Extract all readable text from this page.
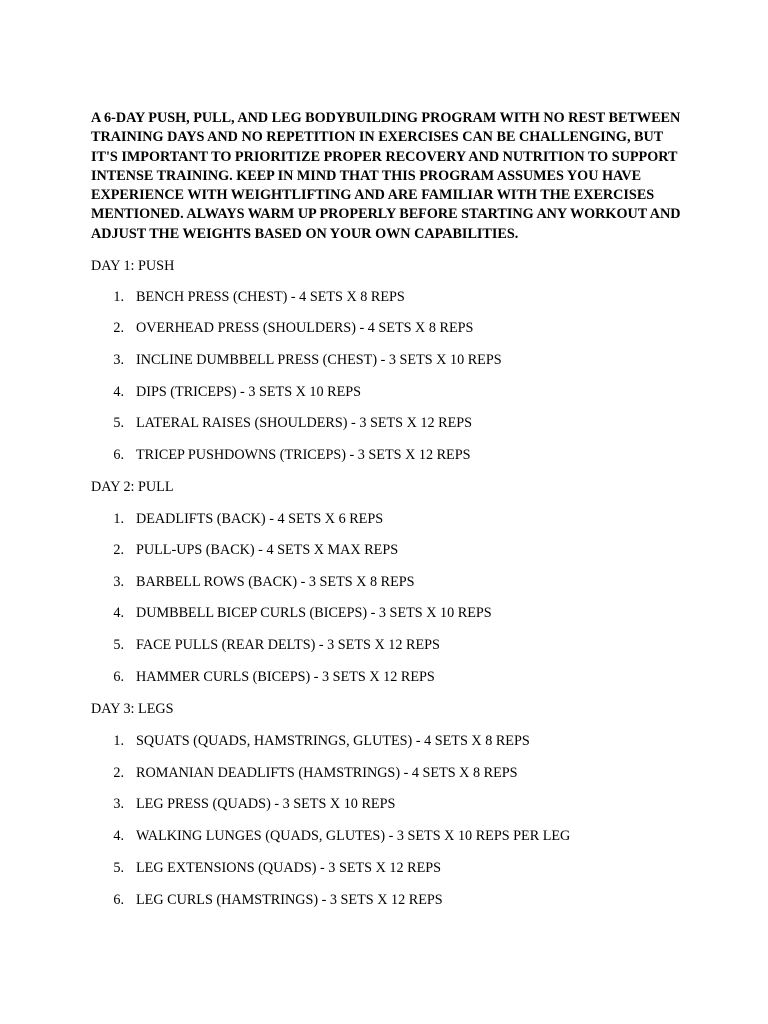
A 6-DAY PUSH, PULL, AND LEG BODYBUILDING PROGRAM WITH NO REST BETWEEN
TRAINING DAYS AND NO REPETITION IN EXERCISES CAN BE CHALLENGING, BUT
IT'S IMPORTANT TO PRIORITIZE PROPER RECOVERY AND NUTRITION TO SUPPORT
INTENSE TRAINING. KEEP IN MIND THAT THIS PROGRAM ASSUMES YOU HAVE
EXPERIENCE WITH WEIGHTLIFTING AND ARE FAMILIAR WITH THE EXERCISES
MENTIONED. ALWAYS WARM UP PROPERLY BEFORE STARTING ANY WORKOUT AND
ADJUST THE WEIGHTS BASED ON YOUR OWN CAPABILITIES.

DAY 1: PUSH

1. BENCH PRESS (CHEST) - 4 SETS X 8 REPS
2. OVERHEAD PRESS (SHOULDERS) - 4 SETS X 8 REPS
3. INCLINE DUMBBELL PRESS (CHEST) - 3 SETS X 10 REPS
4. DIPS (TRICEPS) - 3 SETS X 10 REPS
5. LATERAL RAISES (SHOULDERS) - 3 SETS X 12 REPS
6. TRICEP PUSHDOWNS (TRICEPS) - 3 SETS X 12 REPS

DAY 2: PULL

1. DEADLIFTS (BACK) - 4 SETS X 6 REPS
2. PULL-UPS (BACK) - 4 SETS X MAX REPS
3. BARBELL ROWS (BACK) - 3 SETS X 8 REPS
4. DUMBBELL BICEP CURLS (BICEPS) - 3 SETS X 10 REPS
5. FACE PULLS (REAR DELTS) - 3 SETS X 12 REPS
6. HAMMER CURLS (BICEPS) - 3 SETS X 12 REPS

DAY 3: LEGS

1. SQUATS (QUADS, HAMSTRINGS, GLUTES) - 4 SETS X 8 REPS
2. ROMANIAN DEADLIFTS (HAMSTRINGS) - 4 SETS X 8 REPS
3. LEG PRESS (QUADS) - 3 SETS X 10 REPS
4. WALKING LUNGES (QUADS, GLUTES) - 3 SETS X 10 REPS PER LEG
5. LEG EXTENSIONS (QUADS) - 3 SETS X 12 REPS
6. LEG CURLS (HAMSTRINGS) - 3 SETS X 12 REPS
